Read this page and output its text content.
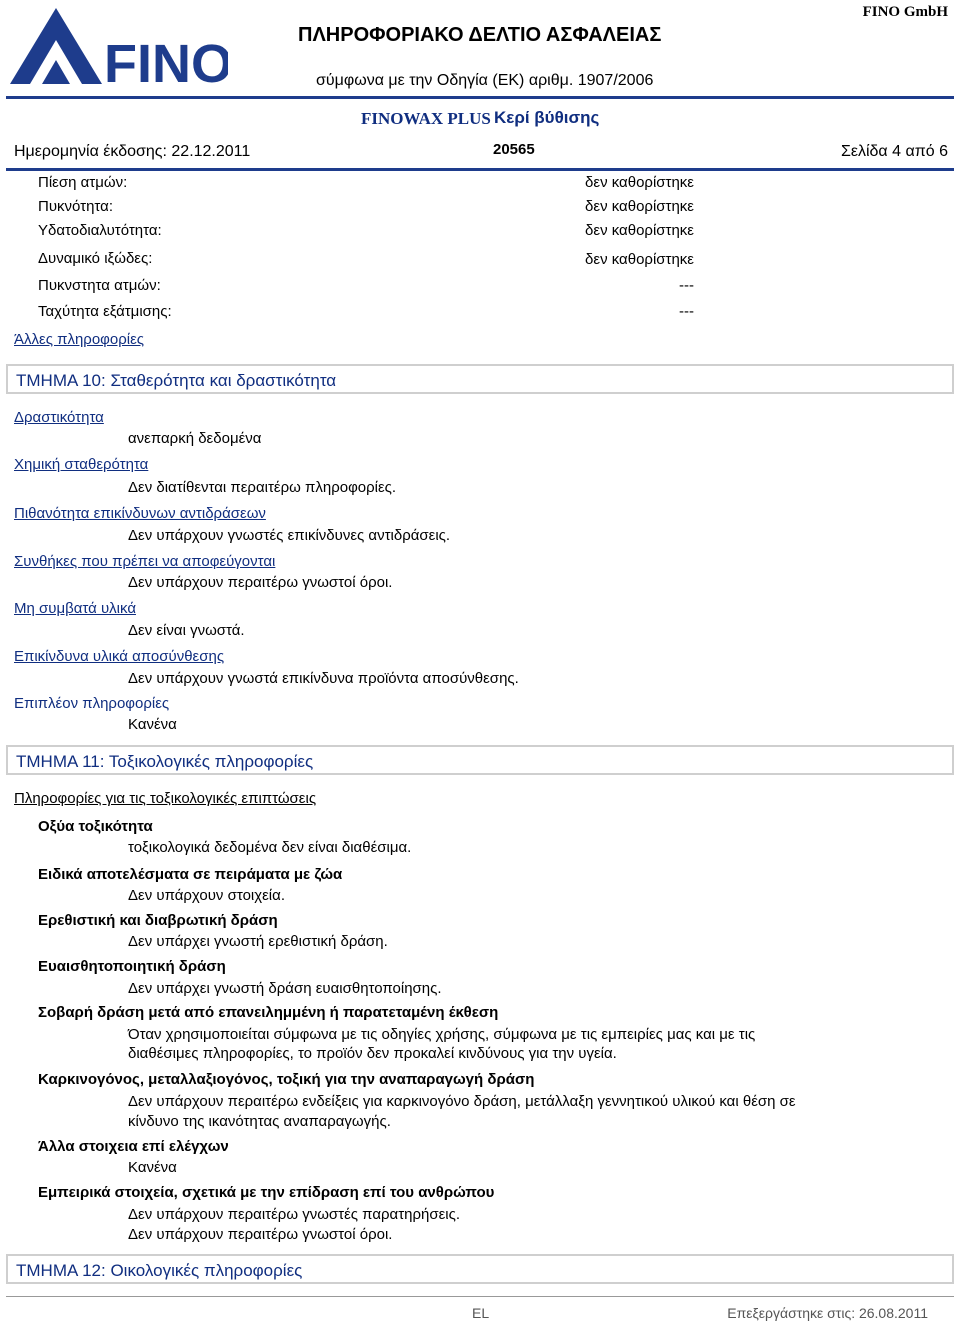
FINO	ΠΛΗΡΟΦΟΡΙΑΚΟ ΔΕΛΤΙΟ ΑΣΦΑΛΕΙΑΣ
σύμφωνα με την Οδηγία (ΕΚ) αριθμ. 1907/2006
FINO GmbH
FINOWAX PLUS Κερί βύθισης
Ημερομηνία έκδοσης: 22.12.2011	20565	Σελίδα 4 από 6
Πίεση ατμών:	δεν καθορίστηκε
Πυκνότητα:	δεν καθορίστηκε
Υδατοδιαλυτότητα:	δεν καθορίστηκε
Δυναμικό ιξώδες:	δεν καθορίστηκε
Πυκνστητα ατμών:	---
Ταχύτητα εξάτμισης:	---
Άλλες πληροφορίες
ΤΜΗΜΑ 10: Σταθερότητα και δραστικότητα
Δραστικότητα
ανεπαρκή δεδομένα
Χημική σταθερότητα
Δεν διατίθενται περαιτέρω πληροφορίες.
Πιθανότητα επικίνδυνων αντιδράσεων
Δεν υπάρχουν γνωστές επικίνδυνες αντιδράσεις.
Συνθήκες που πρέπει να αποφεύγονται
Δεν υπάρχουν περαιτέρω γνωστοί όροι.
Μη συμβατά υλικά
Δεν είναι γνωστά.
Επικίνδυνα υλικά αποσύνθεσης
Δεν υπάρχουν γνωστά επικίνδυνα προϊόντα αποσύνθεσης.
Επιπλέον πληροφορίες
Κανένα
ΤΜΗΜΑ 11: Τοξικολογικές πληροφορίες
Πληροφορίες για τις τοξικολογικές επιπτώσεις
Οξύα τοξικότητα
τοξικολογικά δεδομένα δεν είναι διαθέσιμα.
Ειδικά αποτελέσματα σε πειράματα με ζώα
Δεν υπάρχουν στοιχεία.
Ερεθιστική και διαβρωτική δράση
Δεν υπάρχει γνωστή ερεθιστική δράση.
Ευαισθητοποιητική δράση
Δεν υπάρχει γνωστή δράση ευαισθητοποίησης.
Σοβαρή δράση μετά από επανειλημμένη ή παρατεταμένη έκθεση
Όταν χρησιμοποιείται σύμφωνα με τις οδηγίες χρήσης, σύμφωνα με τις εμπειρίες μας και με τις
διαθέσιμες πληροφορίες, το προϊόν δεν προκαλεί κινδύνους για την υγεία.
Καρκινογόνος, μεταλλαξιογόνος, τοξική για την αναπαραγωγή δράση
Δεν υπάρχουν περαιτέρω ενδείξεις για καρκινογόνο δράση, μετάλλαξη γεννητικού υλικού και θέση σε
κίνδυνο της ικανότητας αναπαραγωγής.
Άλλα στοιχεια επί ελέγχων
Κανένα
Εμπειρικά στοιχεία, σχετικά με την επίδραση επί του ανθρώπου
Δεν υπάρχουν περαιτέρω γνωστές παρατηρήσεις.
Δεν υπάρχουν περαιτέρω γνωστοί όροι.
ΤΜΗΜΑ 12: Οικολογικές πληροφορίες
EL	Επεξεργάστηκε στις: 26.08.2011
